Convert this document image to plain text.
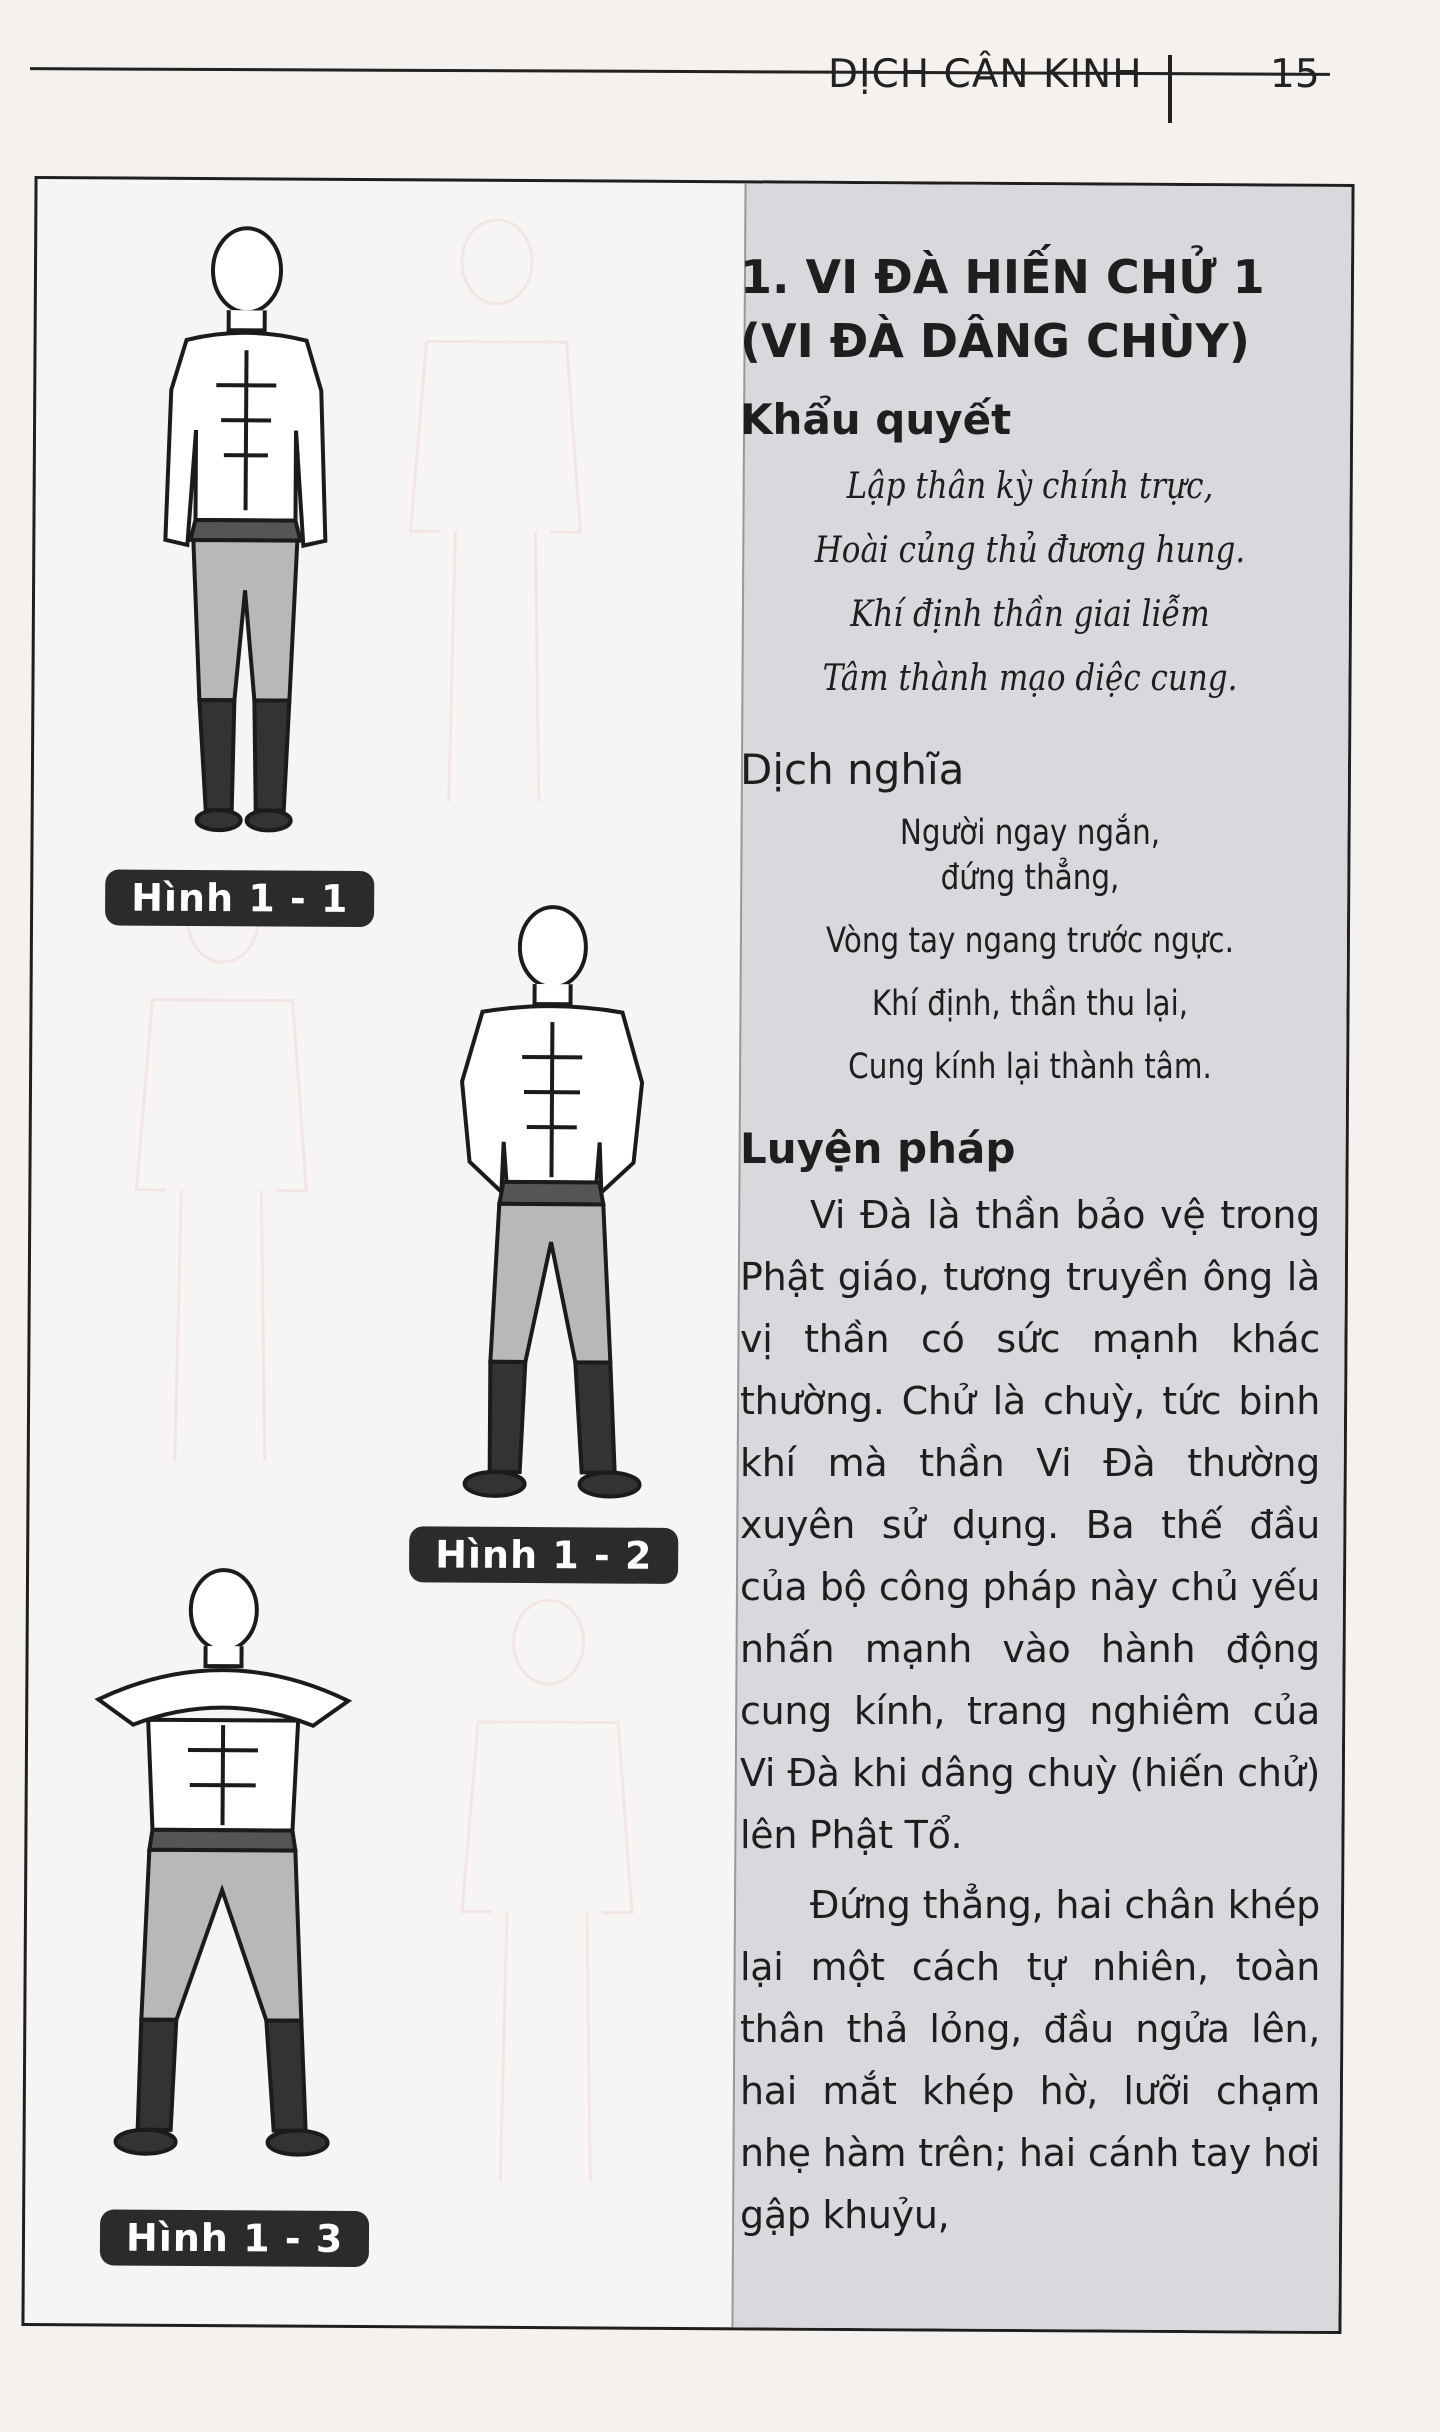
DỊCH CÂN KINH	15
Hình 1 - 1
Hình 1 - 2
Hình 1 - 3
1. VI ĐÀ HIẾN CHỬ 1
(VI ĐÀ DÂNG CHÙY)
Khẩu quyết
Lập thân kỳ chính trực,
Hoài củng thủ đương hung.
Khí định thần giai liễm
Tâm thành mạo diệc cung.
Dịch nghĩa
Người ngay ngắn,
đứng thẳng,
Vòng tay ngang trước ngực.
Khí định, thần thu lại,
Cung kính lại thành tâm.
Luyện pháp

Vi Đà là thần bảo vệ trong Phật giáo, tương truyền ông là vị thần có sức mạnh khác thường. Chử là chuỳ, tức binh khí mà thần Vi Đà thường xuyên sử dụng. Ba thế đầu của bộ công pháp này chủ yếu nhấn mạnh vào hành động cung kính, trang nghiêm của Vi Đà khi dâng chuỳ (hiến chử) lên Phật Tổ.

Đứng thẳng, hai chân khép lại một cách tự nhiên, toàn thân thả lỏng, đầu ngửa lên, hai mắt khép hờ, lưỡi chạm nhẹ hàm trên; hai cánh tay hơi gập khuỷu,
